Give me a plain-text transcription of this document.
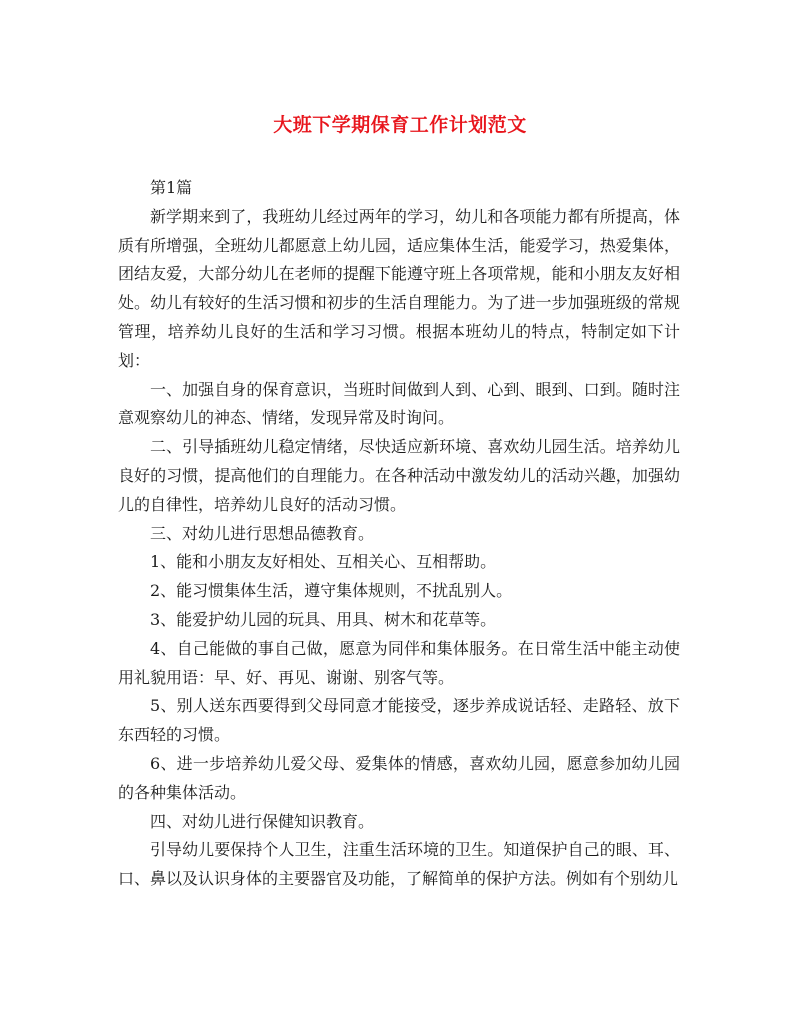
大班下学期保育工作计划范文

第1篇

新学期来到了，我班幼儿经过两年的学习，幼儿和各项能力都有所提高，体质有所增强，全班幼儿都愿意上幼儿园，适应集体生活，能爱学习，热爱集体，团结友爱，大部分幼儿在老师的提醒下能遵守班上各项常规，能和小朋友友好相处。幼儿有较好的生活习惯和初步的生活自理能力。为了进一步加强班级的常规管理，培养幼儿良好的生活和学习习惯。根据本班幼儿的特点，特制定如下计划：

一、加强自身的保育意识，当班时间做到人到、心到、眼到、口到。随时注意观察幼儿的神态、情绪，发现异常及时询问。

二、引导插班幼儿稳定情绪，尽快适应新环境、喜欢幼儿园生活。培养幼儿良好的习惯，提高他们的自理能力。在各种活动中激发幼儿的活动兴趣，加强幼儿的自律性，培养幼儿良好的活动习惯。

三、对幼儿进行思想品德教育。

1、能和小朋友友好相处、互相关心、互相帮助。

2、能习惯集体生活，遵守集体规则，不扰乱别人。

3、能爱护幼儿园的玩具、用具、树木和花草等。

4、自己能做的事自己做，愿意为同伴和集体服务。在日常生活中能主动使用礼貌用语：早、好、再见、谢谢、别客气等。

5、别人送东西要得到父母同意才能接受，逐步养成说话轻、走路轻、放下东西轻的习惯。

6、进一步培养幼儿爱父母、爱集体的情感，喜欢幼儿园，愿意参加幼儿园的各种集体活动。

四、对幼儿进行保健知识教育。

引导幼儿要保持个人卫生，注重生活环境的卫生。知道保护自己的眼、耳、口、鼻以及认识身体的主要器官及功能，了解简单的保护方法。例如有个别幼儿
